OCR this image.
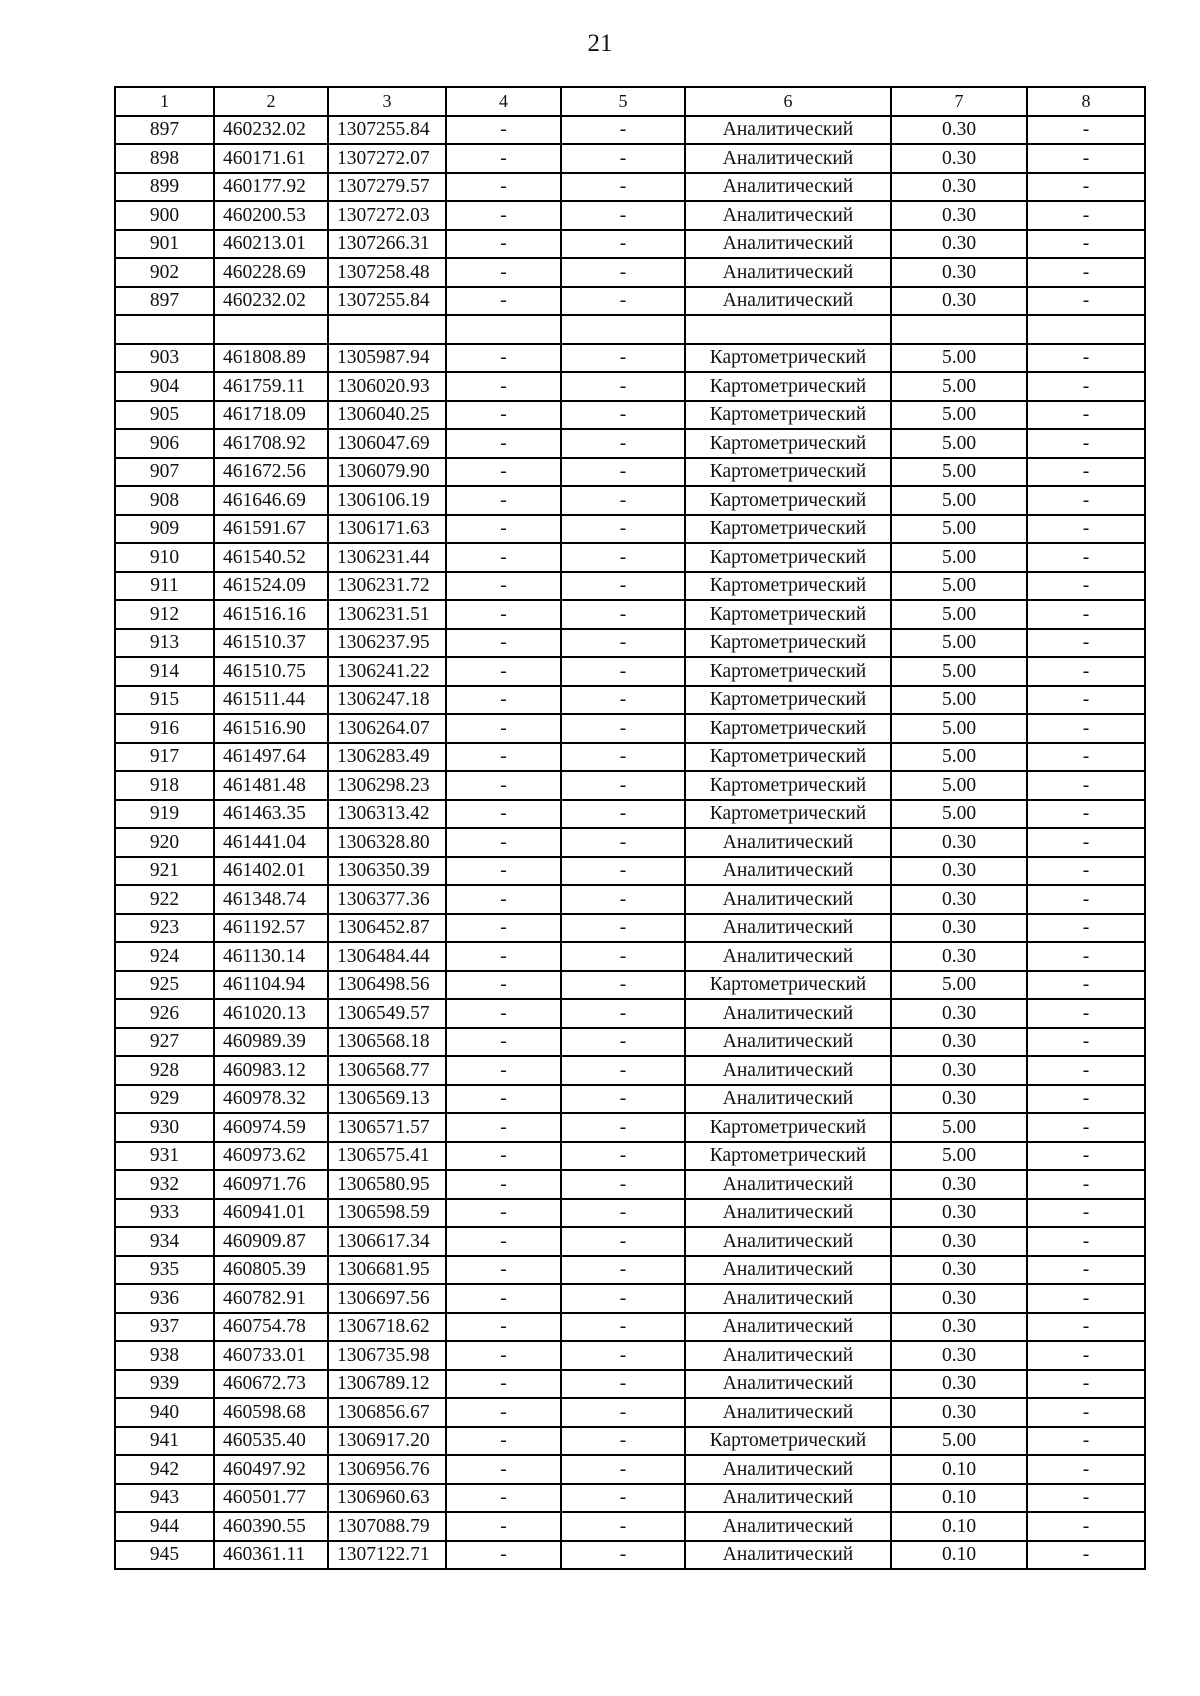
21
1	2	3	4	5	6	7	8
897	460232.02	1307255.84	-	-	Аналитический	0.30	-
898	460171.61	1307272.07	-	-	Аналитический	0.30	-
899	460177.92	1307279.57	-	-	Аналитический	0.30	-
900	460200.53	1307272.03	-	-	Аналитический	0.30	-
901	460213.01	1307266.31	-	-	Аналитический	0.30	-
902	460228.69	1307258.48	-	-	Аналитический	0.30	-
897	460232.02	1307255.84	-	-	Аналитический	0.30	-

903	461808.89	1305987.94	-	-	Картометрический	5.00	-
904	461759.11	1306020.93	-	-	Картометрический	5.00	-
905	461718.09	1306040.25	-	-	Картометрический	5.00	-
906	461708.92	1306047.69	-	-	Картометрический	5.00	-
907	461672.56	1306079.90	-	-	Картометрический	5.00	-
908	461646.69	1306106.19	-	-	Картометрический	5.00	-
909	461591.67	1306171.63	-	-	Картометрический	5.00	-
910	461540.52	1306231.44	-	-	Картометрический	5.00	-
911	461524.09	1306231.72	-	-	Картометрический	5.00	-
912	461516.16	1306231.51	-	-	Картометрический	5.00	-
913	461510.37	1306237.95	-	-	Картометрический	5.00	-
914	461510.75	1306241.22	-	-	Картометрический	5.00	-
915	461511.44	1306247.18	-	-	Картометрический	5.00	-
916	461516.90	1306264.07	-	-	Картометрический	5.00	-
917	461497.64	1306283.49	-	-	Картометрический	5.00	-
918	461481.48	1306298.23	-	-	Картометрический	5.00	-
919	461463.35	1306313.42	-	-	Картометрический	5.00	-
920	461441.04	1306328.80	-	-	Аналитический	0.30	-
921	461402.01	1306350.39	-	-	Аналитический	0.30	-
922	461348.74	1306377.36	-	-	Аналитический	0.30	-
923	461192.57	1306452.87	-	-	Аналитический	0.30	-
924	461130.14	1306484.44	-	-	Аналитический	0.30	-
925	461104.94	1306498.56	-	-	Картометрический	5.00	-
926	461020.13	1306549.57	-	-	Аналитический	0.30	-
927	460989.39	1306568.18	-	-	Аналитический	0.30	-
928	460983.12	1306568.77	-	-	Аналитический	0.30	-
929	460978.32	1306569.13	-	-	Аналитический	0.30	-
930	460974.59	1306571.57	-	-	Картометрический	5.00	-
931	460973.62	1306575.41	-	-	Картометрический	5.00	-
932	460971.76	1306580.95	-	-	Аналитический	0.30	-
933	460941.01	1306598.59	-	-	Аналитический	0.30	-
934	460909.87	1306617.34	-	-	Аналитический	0.30	-
935	460805.39	1306681.95	-	-	Аналитический	0.30	-
936	460782.91	1306697.56	-	-	Аналитический	0.30	-
937	460754.78	1306718.62	-	-	Аналитический	0.30	-
938	460733.01	1306735.98	-	-	Аналитический	0.30	-
939	460672.73	1306789.12	-	-	Аналитический	0.30	-
940	460598.68	1306856.67	-	-	Аналитический	0.30	-
941	460535.40	1306917.20	-	-	Картометрический	5.00	-
942	460497.92	1306956.76	-	-	Аналитический	0.10	-
943	460501.77	1306960.63	-	-	Аналитический	0.10	-
944	460390.55	1307088.79	-	-	Аналитический	0.10	-
945	460361.11	1307122.71	-	-	Аналитический	0.10	-
